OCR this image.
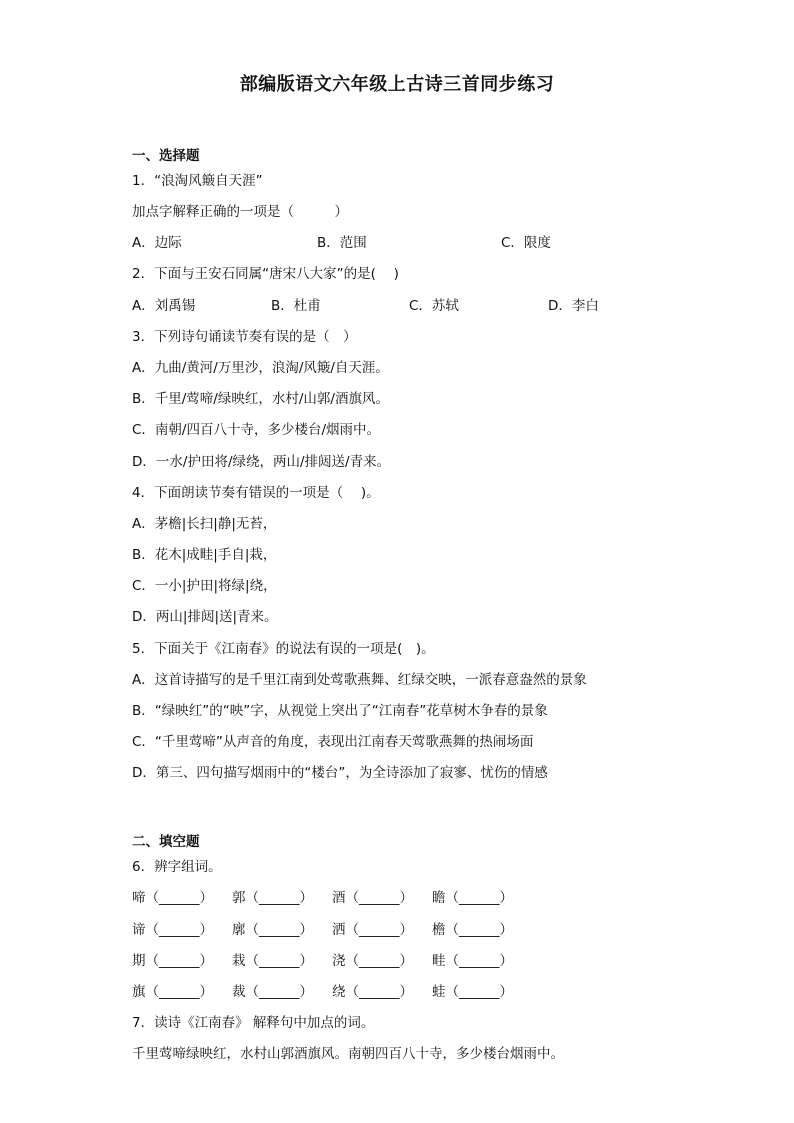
部编版语文六年级上古诗三首同步练习
一、选择题
1．“浪淘风簸自天涯”
加点字解释正确的一项是（　　　）
A．边际	B．范围	C．限度
2．下面与王安石同属“唐宋八大家”的是(　 )
A．刘禹锡	B．杜甫	C．苏轼	D．李白
3．下列诗句诵读节奏有误的是（　）
A．九曲/黄河/万里沙，浪淘/风簸/自天涯。
B．千里/莺啼/绿映红，水村/山郭/酒旗风。
C．南朝/四百八十寺，多少楼台/烟雨中。
D．一水/护田将/绿绕，两山/排闼送/青来。
4．下面朗读节奏有错误的一项是（　 )。
A．茅檐|长扫|静|无苔，
B．花木|成畦|手自|栽，
C．一小|护田|将绿|绕，
D．两山|排闼|送|青来。
5．下面关于《江南春》的说法有误的一项是(　)。
A．这首诗描写的是千里江南到处莺歌燕舞、红绿交映，一派春意盎然的景象
B．“绿映红”的“映”字，从视觉上突出了“江南春”花草树木争春的景象
C．“千里莺啼”从声音的角度，表现出江南春天莺歌燕舞的热闹场面
D．第三、四句描写烟雨中的“楼台”，为全诗添加了寂寥、忧伤的情感
二、填空题
6．辨字组词。
啼（______） 郭（______） 酒（______） 瞻（______）
谛（______） 廓（______） 洒（______） 檐（______）
期（______） 栽（______） 浇（______） 畦（______）
旗（______） 裁（______） 绕（______） 蛙（______）
7．读诗《江南春》 解释句中加点的词。
千里莺啼绿映红，水村山郭酒旗风。南朝四百八十寺，多少楼台烟雨中。
